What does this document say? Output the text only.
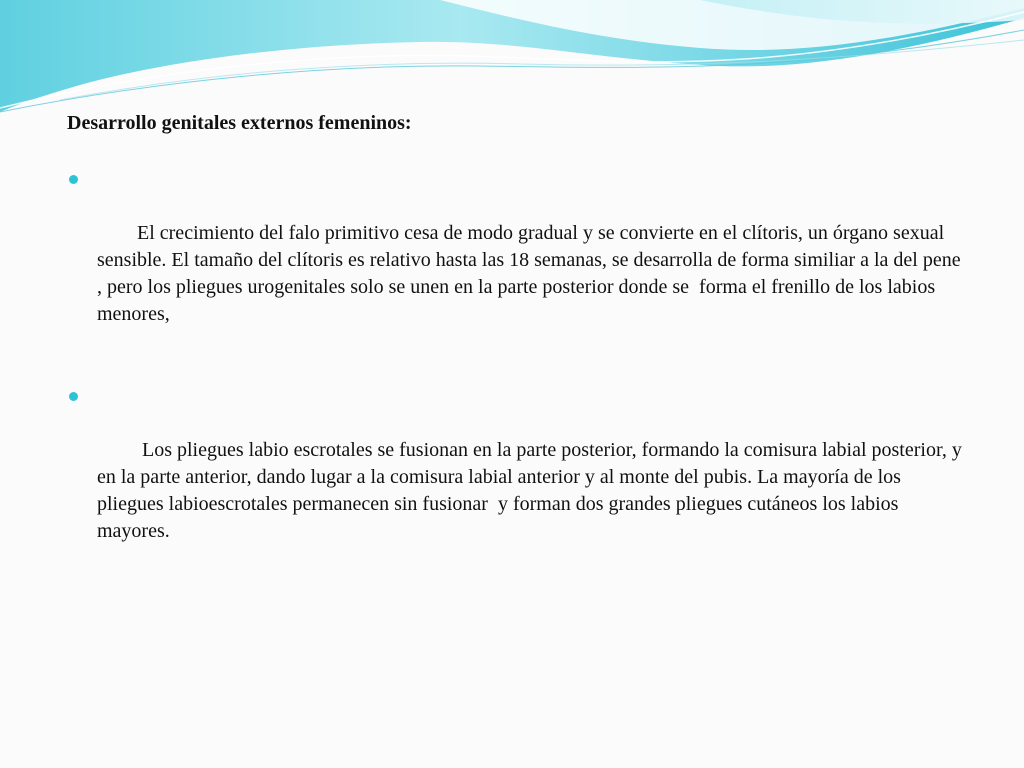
Desarrollo genitales externos femeninos:

El crecimiento del falo primitivo cesa de modo gradual y se convierte en el clítoris, un órgano sexual sensible. El tamaño del clítoris es relativo hasta las 18 semanas, se desarrolla de forma similiar a la del pene , pero los pliegues urogenitales solo se unen en la parte posterior donde se  forma el frenillo de los labios menores,

Los pliegues labio escrotales se fusionan en la parte posterior, formando la comisura labial posterior, y en la parte anterior, dando lugar a la comisura labial anterior y al monte del pubis. La mayoría de los pliegues labioescrotales permanecen sin fusionar  y forman dos grandes pliegues cutáneos los labios mayores.
